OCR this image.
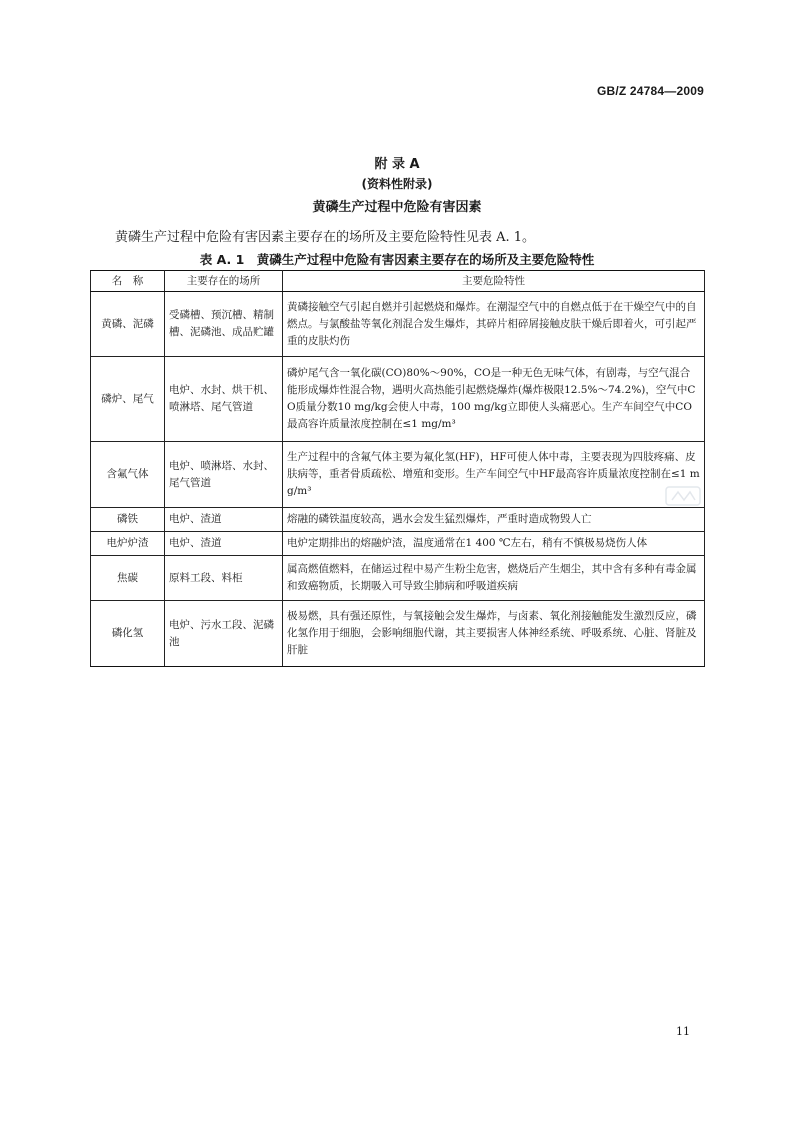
GB/Z 24784—2009
附 录 A
(资料性附录)
黄磷生产过程中危险有害因素
黄磷生产过程中危险有害因素主要存在的场所及主要危险特性见表 A. 1。
表 A. 1　黄磷生产过程中危险有害因素主要存在的场所及主要危险特性
名　称	主要存在的场所	主要危险特性
黄磷、泥磷	受磷槽、预沉槽、精制槽、泥磷池、成品贮罐	黄磷接触空气引起自燃并引起燃烧和爆炸。在潮湿空气中的自燃点低于在干燥空气中的自燃点。与氯酸盐等氧化剂混合发生爆炸，其碎片相碎屑接触皮肤干燥后即着火，可引起严重的皮肤灼伤
磷炉、尾气	电炉、水封、烘干机、喷淋塔、尾气管道	磷炉尾气含一氧化碳(CO)80%～90%，CO是一种无色无味气体，有剧毒，与空气混合能形成爆炸性混合物，遇明火高热能引起燃烧爆炸(爆炸极限12.5%～74.2%)，空气中CO质量分数10 mg/kg会使人中毒，100 mg/kg立即使人头痛恶心。生产车间空气中CO最高容许质量浓度控制在≤1 mg/m³
含氟气体	电炉、喷淋塔、水封、尾气管道	生产过程中的含氟气体主要为氟化氢(HF)，HF可使人体中毒，主要表现为四肢疼痛、皮肤病等，重者骨质疏松、增殖和变形。生产车间空气中HF最高容许质量浓度控制在≤1 mg/m³
磷铁	电炉、渣道	熔融的磷铁温度较高，遇水会发生猛烈爆炸，严重时造成物毁人亡
电炉炉渣	电炉、渣道	电炉定期排出的熔融炉渣，温度通常在1 400 ℃左右，稍有不慎极易烧伤人体
焦碳	原料工段、料柜	属高燃值燃料，在储运过程中易产生粉尘危害，燃烧后产生烟尘，其中含有多种有毒金属和致癌物质，长期吸入可导致尘肺病和呼吸道疾病
磷化氢	电炉、污水工段、泥磷池	极易燃，具有强还原性，与氧接触会发生爆炸，与卤素、氧化剂接触能发生激烈反应，磷化氢作用于细胞，会影响细胞代谢，其主要损害人体神经系统、呼吸系统、心脏、肾脏及肝脏
11
